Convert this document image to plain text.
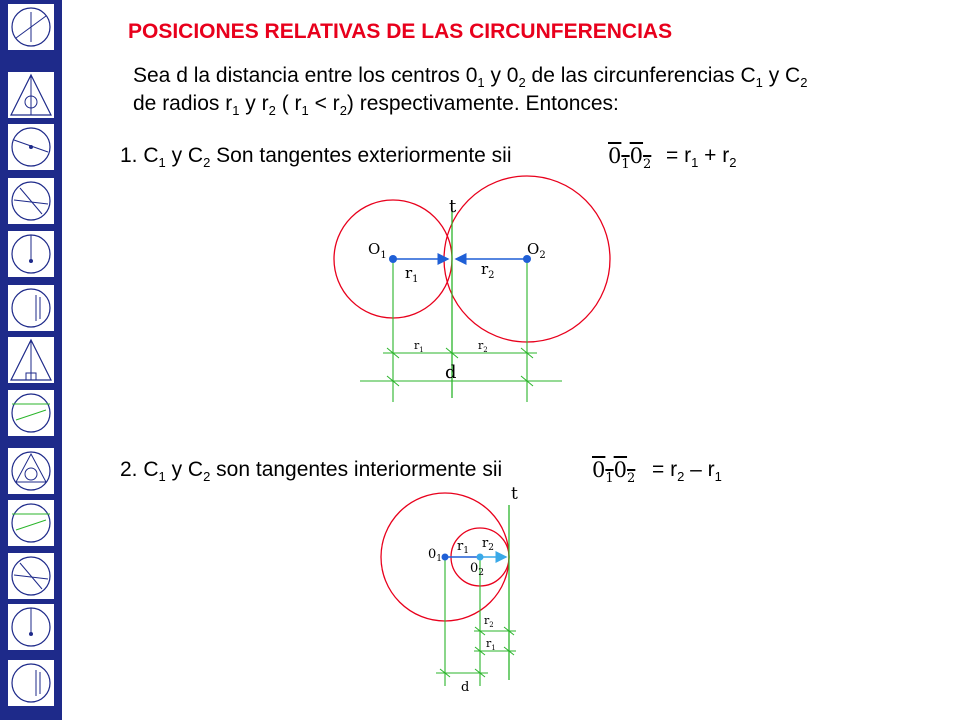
POSICIONES RELATIVAS DE LAS CIRCUNFERENCIAS
Sea d la distancia entre los centros $0_1$ y $0_2$ de las circunferencias $C_1$ y $C_2$
de radios $r_1$ y $r_2$ ( $r_1 < r_2$) respectivamente. Entonces:
1. $C_1$ y $C_2$ Son tangentes exteriormente sii	$0_10_2 = r_1 + r_2$
2. $C_1$ y $C_2$ son tangentes interiormente sii	$0_10_2 = r_2 - r_1$
t
$O_1$	$O_2$
$r_1$
$r_2$
$r_1$	$r_2$
d
t
$0_1$
$0_2$
$r_1$ $r_2$
$r_2$
$r_1$
d
